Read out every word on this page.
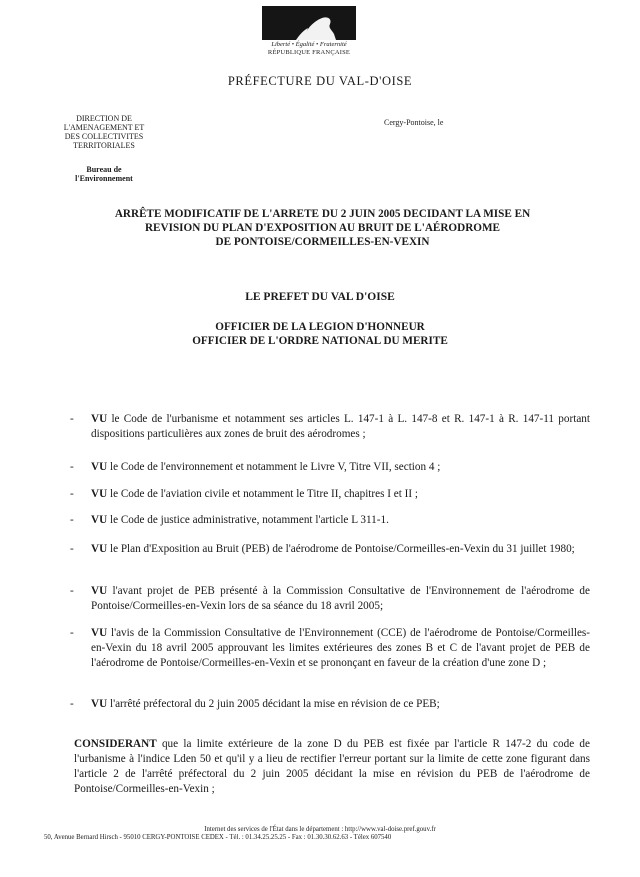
Liberté • Égalité • Fraternité
RÉPUBLIQUE FRANÇAISE
PRÉFECTURE DU VAL-D'OISE
DIRECTION DE
L'AMENAGEMENT ET
DES COLLECTIVITES
TERRITORIALES
Bureau de
l'Environnement
Cergy-Pontoise, le
ARRÊTE MODIFICATIF DE L'ARRETE DU 2 JUIN 2005 DECIDANT LA MISE EN
REVISION DU PLAN D'EXPOSITION AU BRUIT DE L'AÉRODROME
DE PONTOISE/CORMEILLES-EN-VEXIN
LE PREFET DU VAL D'OISE
OFFICIER DE LA LEGION D'HONNEUR
OFFICIER DE L'ORDRE NATIONAL DU MERITE
- VU le Code de l'urbanisme et notamment ses articles L. 147-1 à L. 147-8 et R. 147-1 à R. 147-11 portant dispositions particulières aux zones de bruit des aérodromes ;
- VU le Code de l'environnement et notamment le Livre V, Titre VII, section 4 ;
- VU le Code de l'aviation civile et notamment le Titre II, chapitres I et II ;
- VU le Code de justice administrative, notamment l'article L 311-1.
- VU le Plan d'Exposition au Bruit (PEB) de l'aérodrome de Pontoise/Cormeilles-en-Vexin du 31 juillet 1980;
- VU l'avant projet de PEB présenté à la Commission Consultative de l'Environnement de l'aérodrome de Pontoise/Cormeilles-en-Vexin lors de sa séance du 18 avril 2005;
- VU l'avis de la Commission Consultative de l'Environnement (CCE) de l'aérodrome de Pontoise/Cormeilles-en-Vexin du 18 avril 2005 approuvant les limites extérieures des zones B et C de l'avant projet de PEB de l'aérodrome de Pontoise/Cormeilles-en-Vexin et se prononçant en faveur de la création d'une zone D ;
- VU l'arrêté préfectoral du 2 juin 2005 décidant la mise en révision de ce PEB;
CONSIDERANT que la limite extérieure de la zone D du PEB est fixée par l'article R 147-2 du code de l'urbanisme à l'indice Lden 50 et qu'il y a lieu de rectifier l'erreur portant sur la limite de cette zone figurant dans l'article 2 de l'arrêté préfectoral du 2 juin 2005 décidant la mise en révision du PEB de l'aérodrome de Pontoise/Cormeilles-en-Vexin ;
Internet des services de l'État dans le département : http://www.val-doise.pref.gouv.fr
50, Avenue Bernard Hirsch - 95010 CERGY-PONTOISE CEDEX - Tél. : 01.34.25.25.25 - Fax : 01.30.30.62.63 - Télex 607540
